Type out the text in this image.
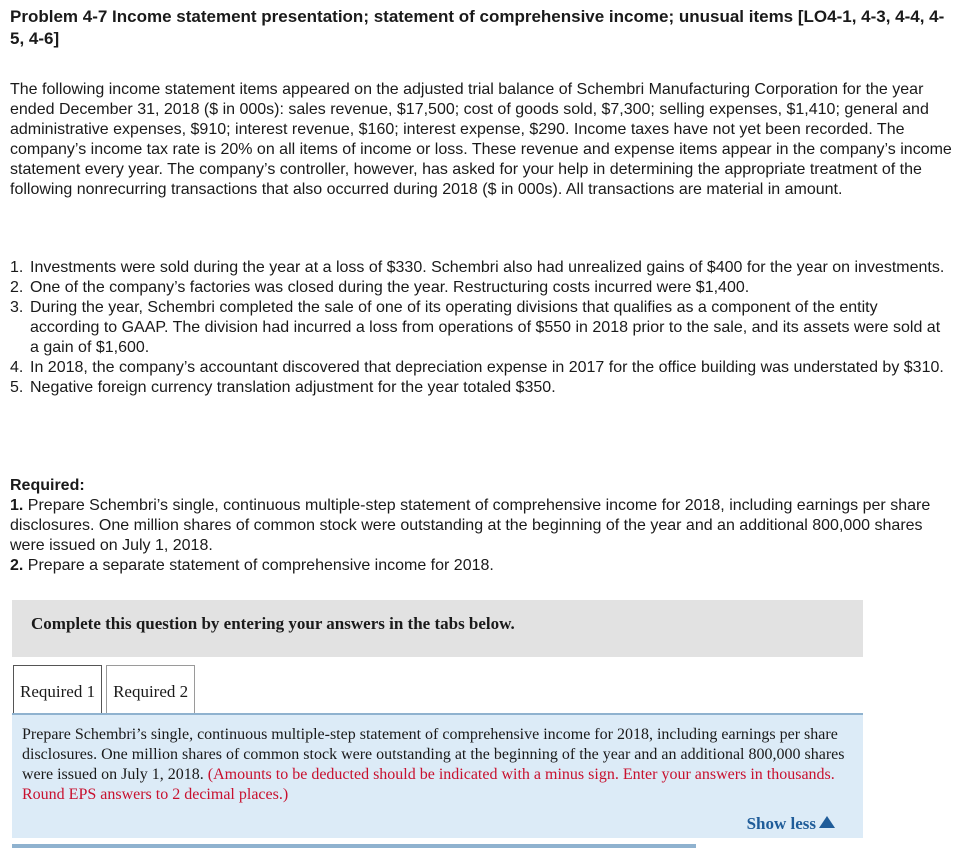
Problem 4-7 Income statement presentation; statement of comprehensive income; unusual items [LO4-1, 4-3, 4-4, 4-5, 4-6]
The following income statement items appeared on the adjusted trial balance of Schembri Manufacturing Corporation for the year ended December 31, 2018 ($ in 000s): sales revenue, $17,500; cost of goods sold, $7,300; selling expenses, $1,410; general and administrative expenses, $910; interest revenue, $160; interest expense, $290. Income taxes have not yet been recorded. The company’s income tax rate is 20% on all items of income or loss. These revenue and expense items appear in the company’s income statement every year. The company’s controller, however, has asked for your help in determining the appropriate treatment of the following nonrecurring transactions that also occurred during 2018 ($ in 000s). All transactions are material in amount.
1. Investments were sold during the year at a loss of $330. Schembri also had unrealized gains of $400 for the year on investments.
2. One of the company’s factories was closed during the year. Restructuring costs incurred were $1,400.
3. During the year, Schembri completed the sale of one of its operating divisions that qualifies as a component of the entity according to GAAP. The division had incurred a loss from operations of $550 in 2018 prior to the sale, and its assets were sold at a gain of $1,600.
4. In 2018, the company’s accountant discovered that depreciation expense in 2017 for the office building was understated by $310.
5. Negative foreign currency translation adjustment for the year totaled $350.
Required:
1. Prepare Schembri’s single, continuous multiple-step statement of comprehensive income for 2018, including earnings per share disclosures. One million shares of common stock were outstanding at the beginning of the year and an additional 800,000 shares were issued on July 1, 2018.
2. Prepare a separate statement of comprehensive income for 2018.
Complete this question by entering your answers in the tabs below.
Required 1	Required 2
Prepare Schembri’s single, continuous multiple-step statement of comprehensive income for 2018, including earnings per share disclosures. One million shares of common stock were outstanding at the beginning of the year and an additional 800,000 shares were issued on July 1, 2018. (Amounts to be deducted should be indicated with a minus sign. Enter your answers in thousands. Round EPS answers to 2 decimal places.)
Show less
